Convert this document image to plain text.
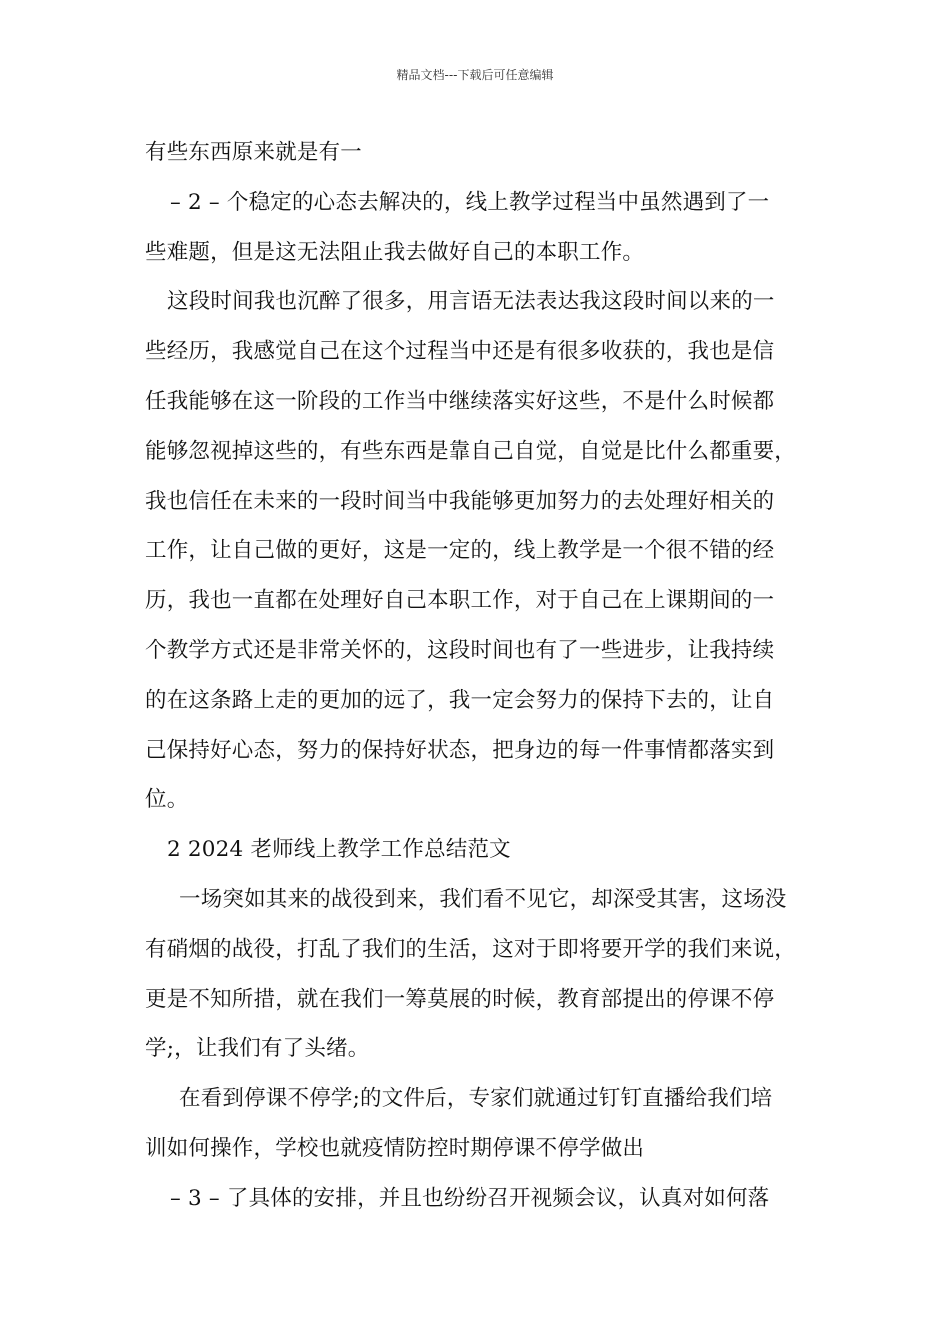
精品文档---下载后可任意编辑
有些东西原来就是有一
– 2 – 个稳定的心态去解决的，线上教学过程当中虽然遇到了一
些难题，但是这无法阻止我去做好自己的本职工作。
这段时间我也沉醉了很多，用言语无法表达我这段时间以来的一
些经历，我感觉自己在这个过程当中还是有很多收获的，我也是信
任我能够在这一阶段的工作当中继续落实好这些，不是什么时候都
能够忽视掉这些的，有些东西是靠自己自觉，自觉是比什么都重要，
我也信任在未来的一段时间当中我能够更加努力的去处理好相关的
工作，让自己做的更好，这是一定的，线上教学是一个很不错的经
历，我也一直都在处理好自己本职工作，对于自己在上课期间的一
个教学方式还是非常关怀的，这段时间也有了一些进步，让我持续
的在这条路上走的更加的远了，我一定会努力的保持下去的，让自
己保持好心态，努力的保持好状态，把身边的每一件事情都落实到
位。
2 2024 老师线上教学工作总结范文
一场突如其来的战役到来，我们看不见它，却深受其害，这场没
有硝烟的战役，打乱了我们的生活，这对于即将要开学的我们来说，
更是不知所措，就在我们一筹莫展的时候，教育部提出的停课不停
学;，让我们有了头绪。
在看到停课不停学;的文件后，专家们就通过钉钉直播给我们培
训如何操作，学校也就疫情防控时期停课不停学做出
– 3 – 了具体的安排，并且也纷纷召开视频会议，认真对如何落
